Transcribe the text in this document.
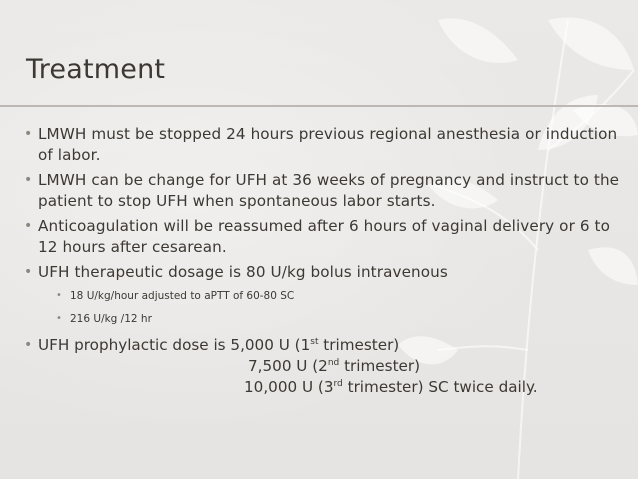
Treatment

• LMWH must be stopped 24 hours previous regional anesthesia or induction of labor.

• LMWH can be change for UFH at 36 weeks of pregnancy and instruct to the patient to stop UFH when spontaneous labor starts.

• Anticoagulation will be reassumed after 6 hours of vaginal delivery or 6 to 12 hours after cesarean.

• UFH therapeutic dosage is 80 U/kg bolus intravenous

• 18 U/kg/hour adjusted to aPTT of 60-80 SC
• 216 U/kg /12 hr
• UFH prophylactic dose is 5,000 U (1st trimester)
7,500 U (2nd trimester)
10,000 U (3rd trimester) SC twice daily.
